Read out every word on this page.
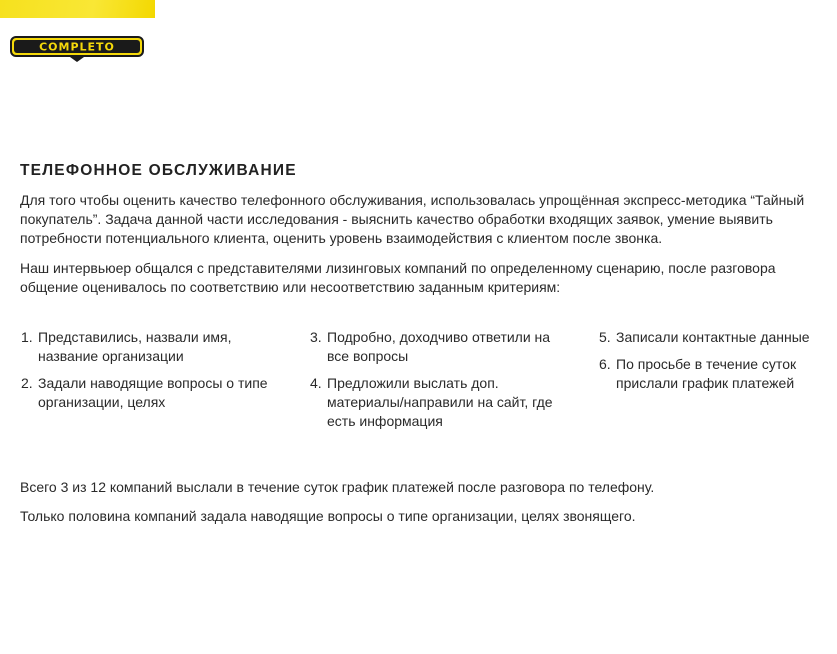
COMPLETO
ТЕЛЕФОННОЕ ОБСЛУЖИВАНИЕ
Для того чтобы оценить качество телефонного обслуживания, использовалась упрощённая экспресс-методика “Тайный покупатель”. Задача данной части исследования - выяснить качество обработки входящих заявок, умение выявить потребности потенциального клиента, оценить уровень взаимодействия с клиентом после звонка.
Наш интервьюер общался с представителями лизинговых компаний по определенному сценарию, после разговора общение оценивалось по соответствию или несоответствию заданным критериям:
1. Представились, назвали имя, название организации
2. Задали наводящие вопросы о типе организации, целях
3. Подробно, доходчиво ответили на все вопросы
4. Предложили выслать доп. материалы/направили на сайт, где есть информация
5. Записали контактные данные
6. По просьбе в течение суток прислали график платежей
Всего 3 из 12 компаний выслали в течение суток график платежей после разговора по телефону.
Только половина компаний задала наводящие вопросы о типе организации, целях звонящего.
